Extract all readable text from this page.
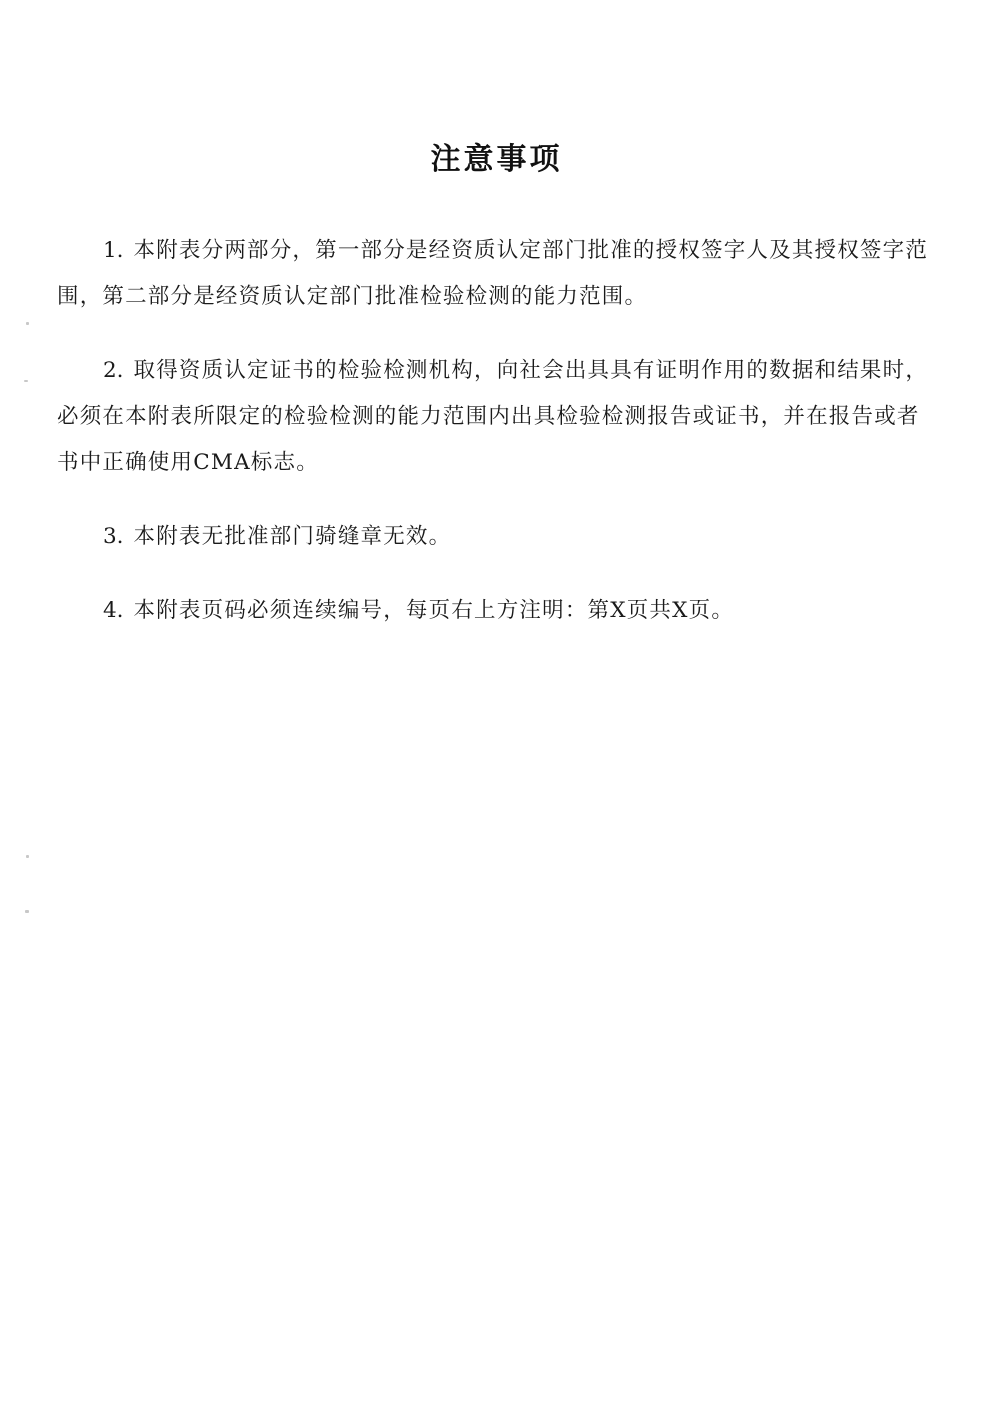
注意事项

1. 本附表分两部分，第一部分是经资质认定部门批准的授权签字人及其授权签字范围，第二部分是经资质认定部门批准检验检测的能力范围。

2. 取得资质认定证书的检验检测机构，向社会出具具有证明作用的数据和结果时，必须在本附表所限定的检验检测的能力范围内出具检验检测报告或证书，并在报告或者书中正确使用CMA标志。

3. 本附表无批准部门骑缝章无效。

4. 本附表页码必须连续编号，每页右上方注明：第X页共X页。
